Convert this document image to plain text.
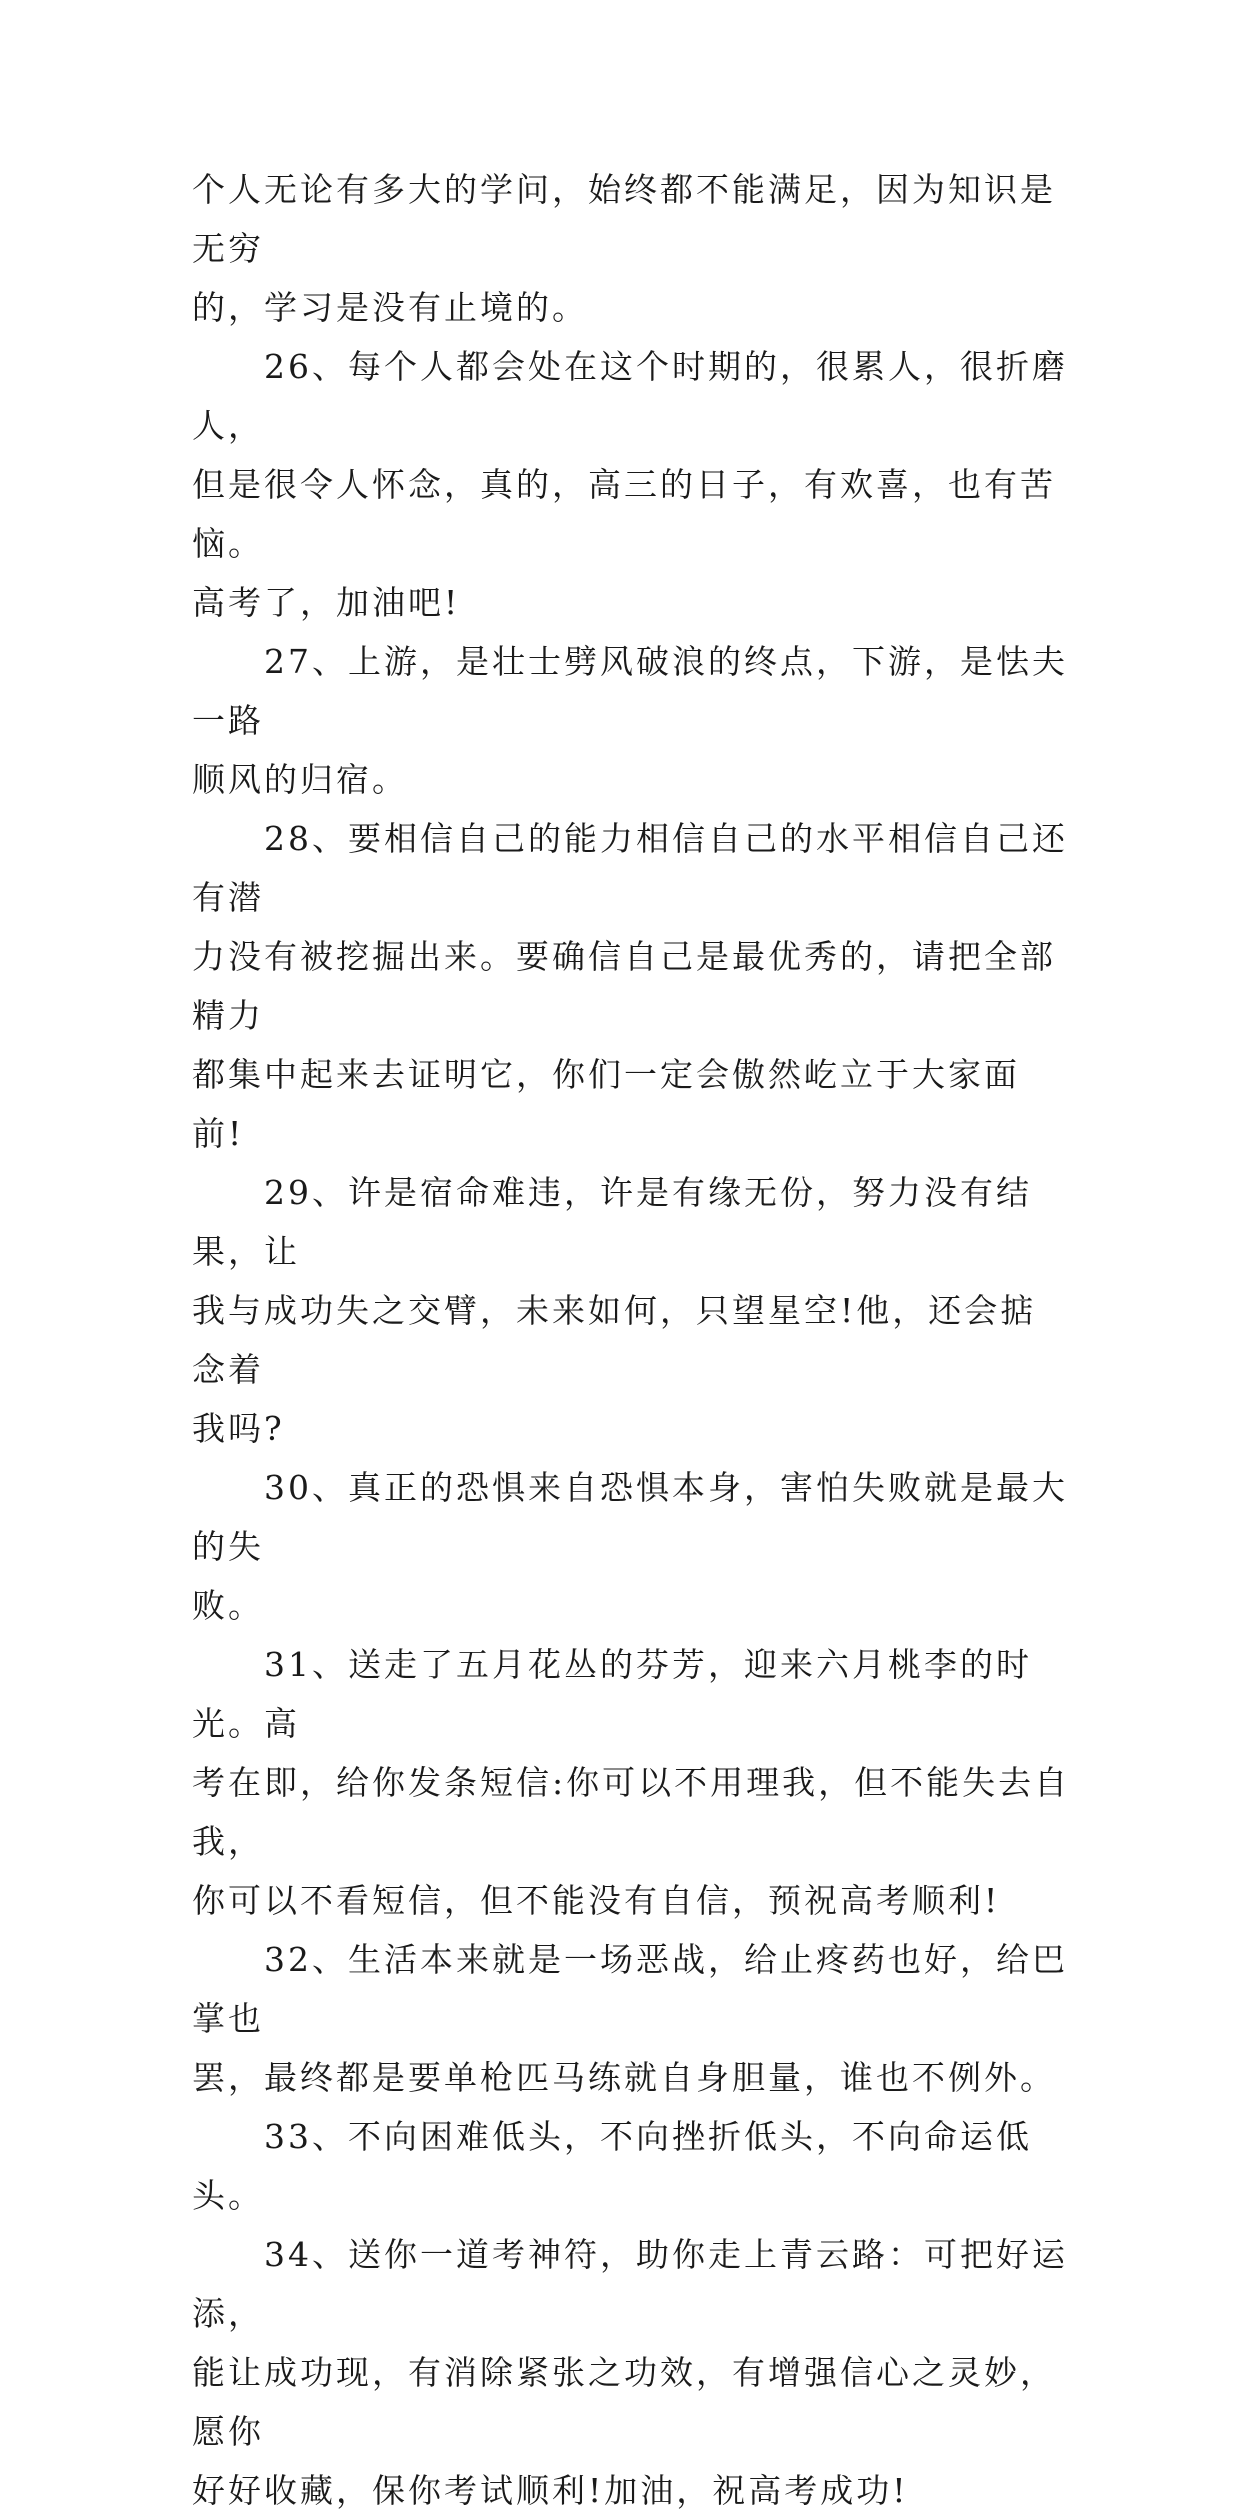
个人无论有多大的学问，始终都不能满足，因为知识是无穷
的，学习是没有止境的。

　　26、每个人都会处在这个时期的，很累人，很折磨人，
但是很令人怀念，真的，高三的日子，有欢喜，也有苦恼。
高考了，加油吧!

　　27、上游，是壮士劈风破浪的终点，下游，是怯夫一路
顺风的归宿。

　　28、要相信自己的能力相信自己的水平相信自己还有潜
力没有被挖掘出来。要确信自己是最优秀的，请把全部精力
都集中起来去证明它，你们一定会傲然屹立于大家面前!

　　29、许是宿命难违，许是有缘无份，努力没有结果，让
我与成功失之交臂，未来如何，只望星空!他，还会掂念着
我吗?

　　30、真正的恐惧来自恐惧本身，害怕失败就是最大的失
败。

　　31、送走了五月花丛的芬芳，迎来六月桃李的时光。高
考在即，给你发条短信:你可以不用理我，但不能失去自我，
你可以不看短信，但不能没有自信，预祝高考顺利!

　　32、生活本来就是一场恶战，给止疼药也好，给巴掌也
罢，最终都是要单枪匹马练就自身胆量，谁也不例外。

　　33、不向困难低头，不向挫折低头，不向命运低头。

　　34、送你一道考神符，助你走上青云路：可把好运添，
能让成功现，有消除紧张之功效，有增强信心之灵妙，愿你
好好收藏，保你考试顺利!加油，祝高考成功!
